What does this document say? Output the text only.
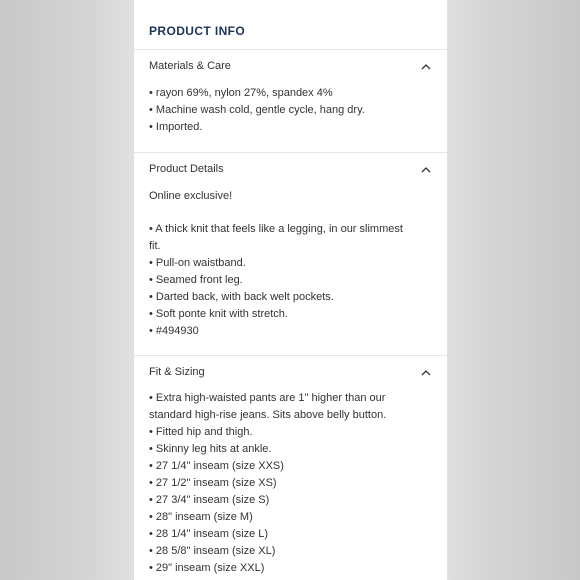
PRODUCT INFO
Materials & Care
• rayon 69%, nylon 27%, spandex 4%
• Machine wash cold, gentle cycle, hang dry.
• Imported.
Product Details
Online exclusive!
• A thick knit that feels like a legging, in our slimmest
fit.
• Pull-on waistband.
• Seamed front leg.
• Darted back, with back welt pockets.
• Soft ponte knit with stretch.
• #494930
Fit & Sizing
• Extra high-waisted pants are 1" higher than our
standard high-rise jeans. Sits above belly button.
• Fitted hip and thigh.
• Skinny leg hits at ankle.
• 27 1/4" inseam (size XXS)
• 27 1/2" inseam (size XS)
• 27 3/4" inseam (size S)
• 28" inseam (size M)
• 28 1/4" inseam (size L)
• 28 5/8" inseam (size XL)
• 29" inseam (size XXL)
